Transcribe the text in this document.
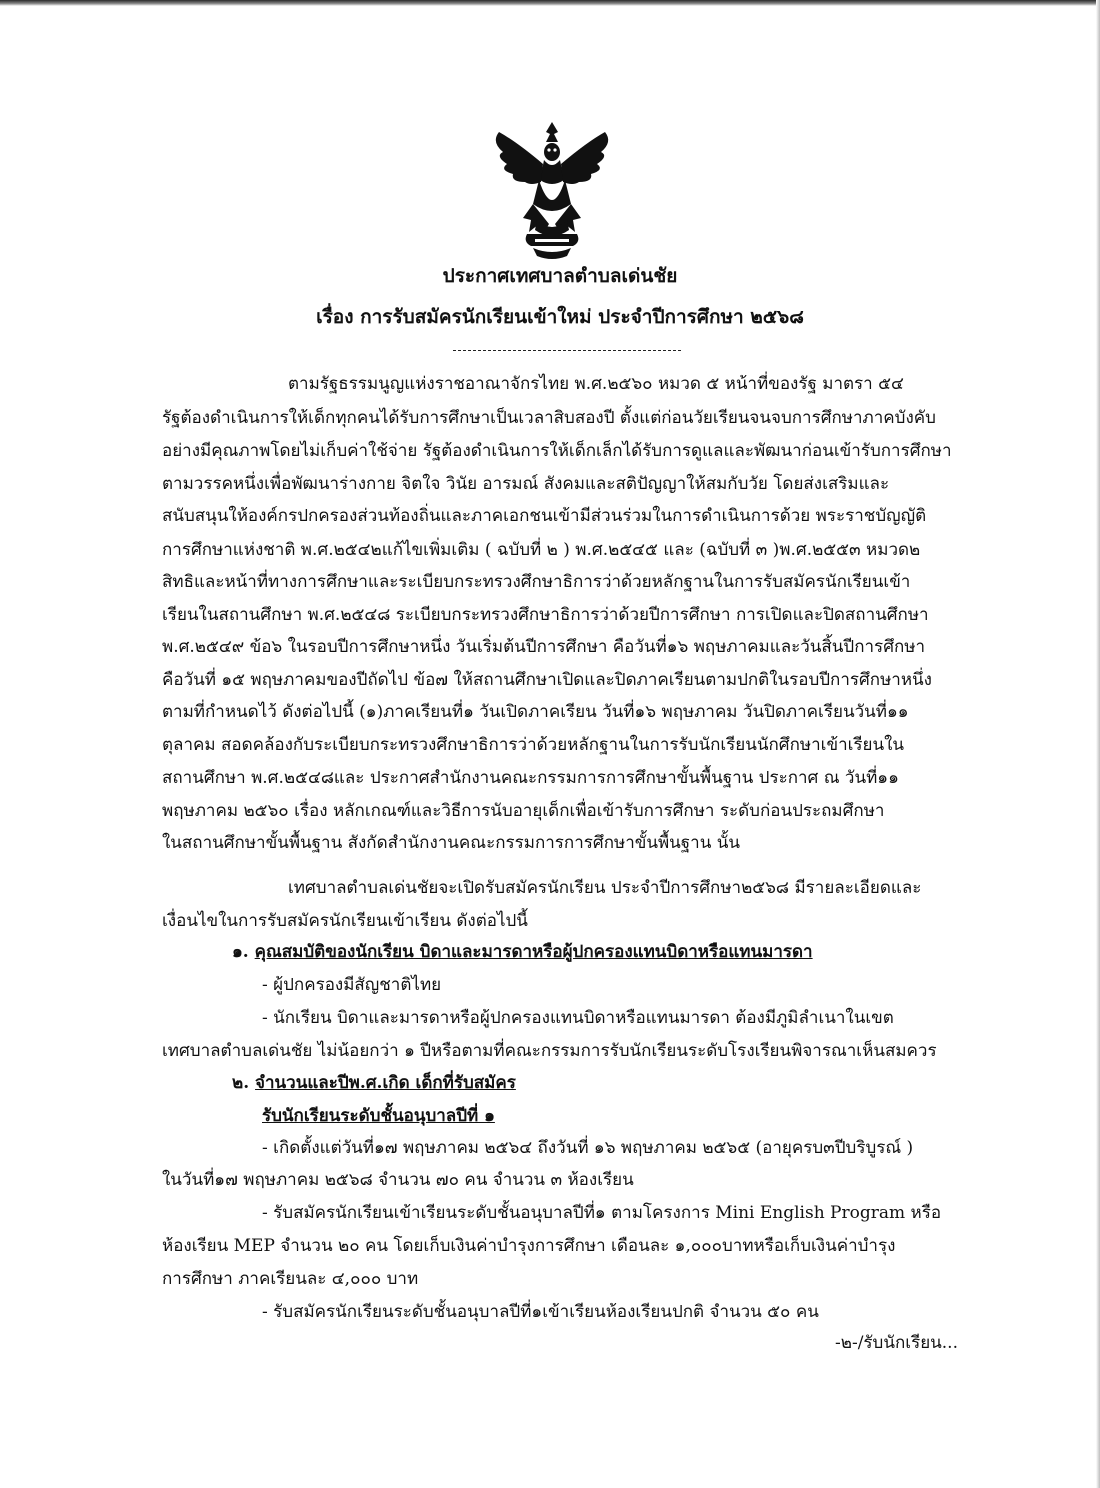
ประกาศเทศบาลตำบลเด่นชัย
เรื่อง การรับสมัครนักเรียนเข้าใหม่ ประจำปีการศึกษา ๒๕๖๘
ตามรัฐธรรมนูญแห่งราชอาณาจักรไทย พ.ศ.๒๕๖๐ หมวด ๕ หน้าที่ของรัฐ มาตรา ๕๔
รัฐต้องดำเนินการให้เด็กทุกคนได้รับการศึกษาเป็นเวลาสิบสองปี ตั้งแต่ก่อนวัยเรียนจนจบการศึกษาภาคบังคับ
อย่างมีคุณภาพโดยไม่เก็บค่าใช้จ่าย รัฐต้องดำเนินการให้เด็กเล็กได้รับการดูแลและพัฒนาก่อนเข้ารับการศึกษา
ตามวรรคหนึ่งเพื่อพัฒนาร่างกาย จิตใจ วินัย อารมณ์ สังคมและสติปัญญาให้สมกับวัย โดยส่งเสริมและ
สนับสนุนให้องค์กรปกครองส่วนท้องถิ่นและภาคเอกชนเข้ามีส่วนร่วมในการดำเนินการด้วย พระราชบัญญัติ
การศึกษาแห่งชาติ พ.ศ.๒๕๔๒แก้ไขเพิ่มเติม ( ฉบับที่ ๒ ) พ.ศ.๒๕๔๕ และ (ฉบับที่ ๓ )พ.ศ.๒๕๕๓ หมวด๒
สิทธิและหน้าที่ทางการศึกษาและระเบียบกระทรวงศึกษาธิการว่าด้วยหลักฐานในการรับสมัครนักเรียนเข้า
เรียนในสถานศึกษา พ.ศ.๒๕๔๘ ระเบียบกระทรวงศึกษาธิการว่าด้วยปีการศึกษา การเปิดและปิดสถานศึกษา
พ.ศ.๒๕๔๙ ข้อ๖ ในรอบปีการศึกษาหนึ่ง วันเริ่มต้นปีการศึกษา คือวันที่๑๖ พฤษภาคมและวันสิ้นปีการศึกษา
คือวันที่ ๑๕ พฤษภาคมของปีถัดไป ข้อ๗ ให้สถานศึกษาเปิดและปิดภาคเรียนตามปกติในรอบปีการศึกษาหนึ่ง
ตามที่กำหนดไว้ ดังต่อไปนี้ (๑)ภาคเรียนที่๑ วันเปิดภาคเรียน วันที่๑๖ พฤษภาคม วันปิดภาคเรียนวันที่๑๑
ตุลาคม สอดคล้องกับระเบียบกระทรวงศึกษาธิการว่าด้วยหลักฐานในการรับนักเรียนนักศึกษาเข้าเรียนใน
สถานศึกษา พ.ศ.๒๕๔๘และ ประกาศสำนักงานคณะกรรมการการศึกษาขั้นพื้นฐาน ประกาศ ณ วันที่๑๑
พฤษภาคม ๒๕๖๐ เรื่อง หลักเกณฑ์และวิธีการนับอายุเด็กเพื่อเข้ารับการศึกษา ระดับก่อนประถมศึกษา
ในสถานศึกษาขั้นพื้นฐาน สังกัดสำนักงานคณะกรรมการการศึกษาขั้นพื้นฐาน นั้น
เทศบาลตำบลเด่นชัยจะเปิดรับสมัครนักเรียน ประจำปีการศึกษา๒๕๖๘ มีรายละเอียดและ
เงื่อนไขในการรับสมัครนักเรียนเข้าเรียน ดังต่อไปนี้
๑. คุณสมบัติของนักเรียน บิดาและมารดาหรือผู้ปกครองแทนบิดาหรือแทนมารดา
- ผู้ปกครองมีสัญชาติไทย
- นักเรียน บิดาและมารดาหรือผู้ปกครองแทนบิดาหรือแทนมารดา ต้องมีภูมิลำเนาในเขต
เทศบาลตำบลเด่นชัย ไม่น้อยกว่า ๑ ปีหรือตามที่คณะกรรมการรับนักเรียนระดับโรงเรียนพิจารณาเห็นสมควร
๒. จำนวนและปีพ.ศ.เกิด เด็กที่รับสมัคร
รับนักเรียนระดับชั้นอนุบาลปีที่ ๑
- เกิดตั้งแต่วันที่๑๗ พฤษภาคม ๒๕๖๔ ถึงวันที่ ๑๖ พฤษภาคม ๒๕๖๕ (อายุครบ๓ปีบริบูรณ์ )
ในวันที่๑๗ พฤษภาคม ๒๕๖๘ จำนวน ๗๐ คน จำนวน ๓ ห้องเรียน
- รับสมัครนักเรียนเข้าเรียนระดับชั้นอนุบาลปีที่๑ ตามโครงการ Mini English Program หรือ
ห้องเรียน MEP จำนวน ๒๐ คน โดยเก็บเงินค่าบำรุงการศึกษา เดือนละ ๑,๐๐๐บาทหรือเก็บเงินค่าบำรุง
การศึกษา ภาคเรียนละ ๔,๐๐๐ บาท
- รับสมัครนักเรียนระดับชั้นอนุบาลปีที่๑เข้าเรียนห้องเรียนปกติ จำนวน ๕๐ คน
-๒-/รับนักเรียน...
